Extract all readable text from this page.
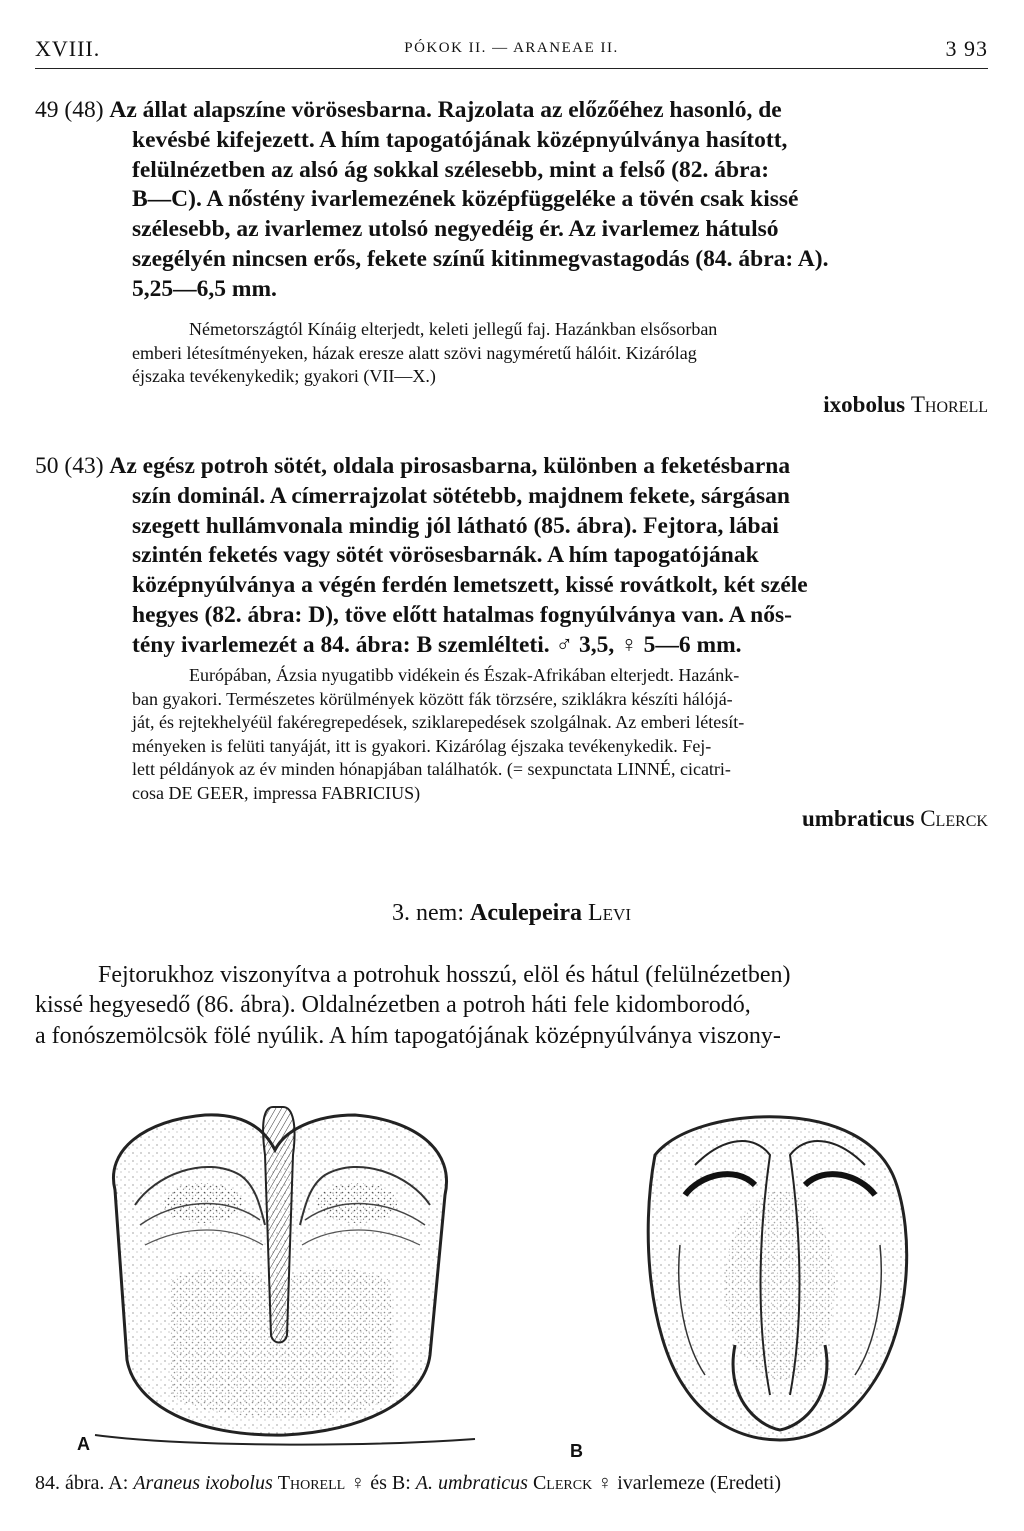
XVIII.	PÓKOK II. — ARANEAE II.	3 93
49 (48) Az állat alapszíne vörösesbarna. Rajzolata az előzőéhez hasonló, de
kevésbé kifejezett. A hím tapogatójának középnyúlványa hasított,
felülnézetben az alsó ág sokkal szélesebb, mint a felső (82. ábra:
B—C). A nőstény ivarlemezének középfüggeléke a tövén csak kissé
szélesebb, az ivarlemez utolsó negyedéig ér. Az ivarlemez hátulsó
szegélyén nincsen erős, fekete színű kitinmegvastagodás (84. ábra: A).
5,25—6,5 mm.
Németországtól Kínáig elterjedt, keleti jellegű faj. Hazánkban elsősorban
emberi létesítményeken, házak eresze alatt szövi nagyméretű hálóit. Kizárólag
éjszaka tevékenykedik; gyakori (VII—X.)
ixobolus Thorell
50 (43) Az egész potroh sötét, oldala pirosasbarna, különben a feketésbarna
szín dominál. A címerrajzolat sötétebb, majdnem fekete, sárgásan
szegett hullámvonala mindig jól látható (85. ábra). Fejtora, lábai
szintén feketés vagy sötét vörösesbarnák. A hím tapogatójának
középnyúlványa a végén ferdén lemetszett, kissé rovátkolt, két széle
hegyes (82. ábra: D), töve előtt hatalmas fognyúlványa van. A nős-
tény ivarlemezét a 84. ábra: B szemlélteti. ♂ 3,5, ♀ 5—6 mm.
Európában, Ázsia nyugatibb vidékein és Észak-Afrikában elterjedt. Hazánk-
ban gyakori. Természetes körülmények között fák törzsére, sziklákra készíti hálójá-
ját, és rejtekhelyéül fakéregrepedések, sziklarepedések szolgálnak. Az emberi létesít-
ményeken is felüti tanyáját, itt is gyakori. Kizárólag éjszaka tevékenykedik. Fej-
lett példányok az év minden hónapjában találhatók. (= sexpunctata LINNÉ, cicatri-
cosa DE GEER, impressa FABRICIUS)
umbraticus Clerck
3. nem: Aculepeira Levi
Fejtorukhoz viszonyítva a potrohuk hosszú, elöl és hátul (felülnézetben)
kissé hegyesedő (86. ábra). Oldalnézetben a potroh háti fele kidomborodó,
a fonószemölcsök fölé nyúlik. A hím tapogatójának középnyúlványa viszony-
A	B
84. ábra. A: Araneus ixobolus Thorell ♀ és B: A. umbraticus Clerck ♀ ivarlemeze (Eredeti)
